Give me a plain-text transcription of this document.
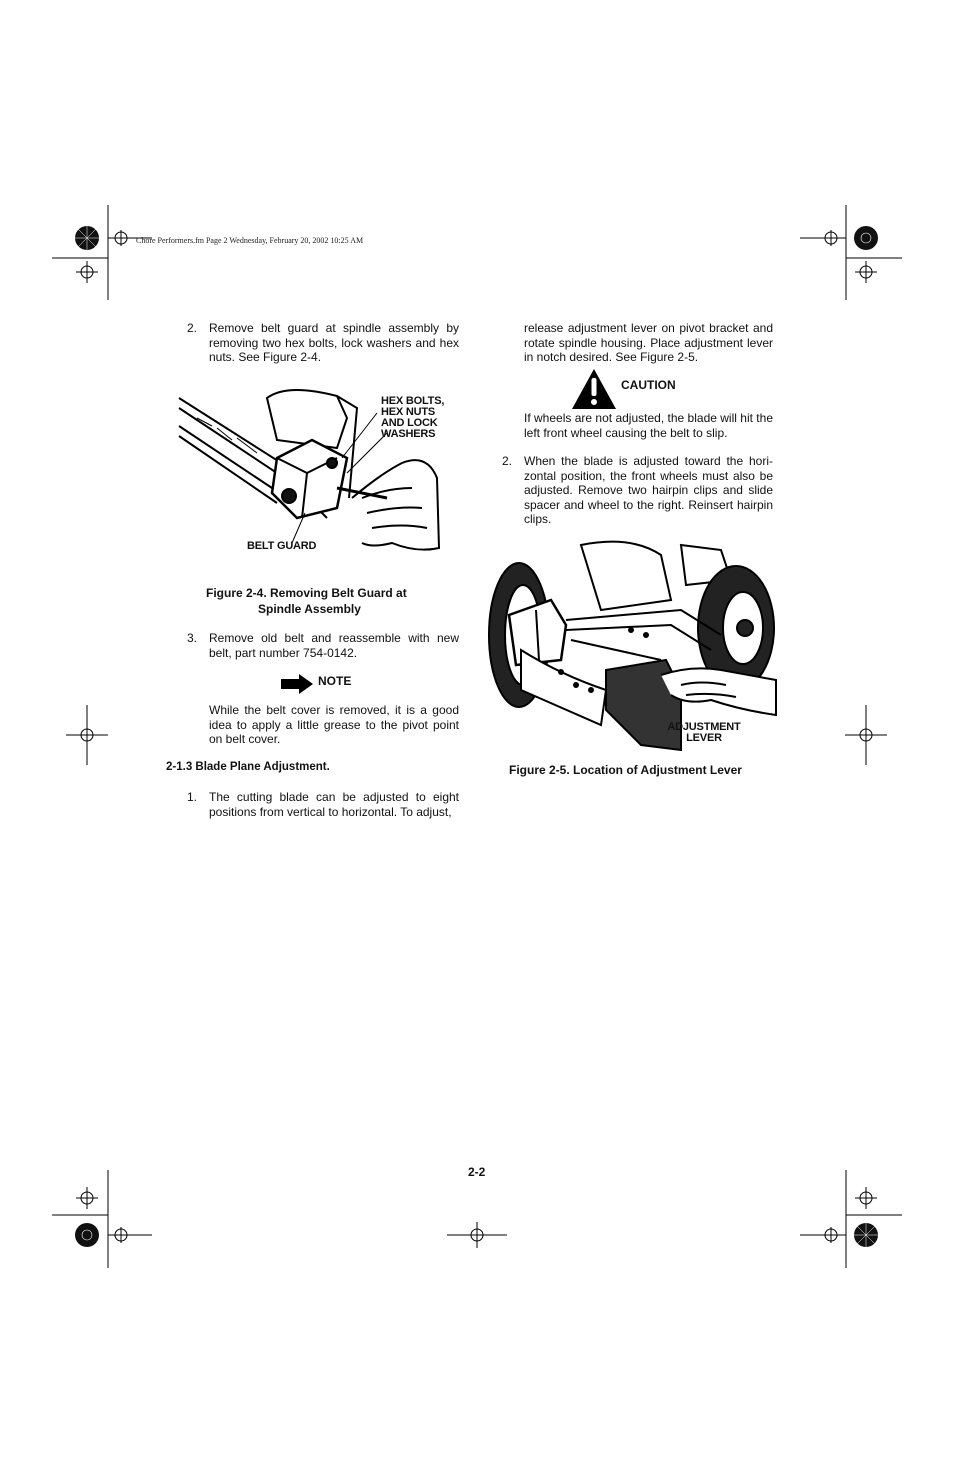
Chore Performers.fm Page 2 Wednesday, February 20, 2002 10:25 AM
2. Remove belt guard at spindle assembly by removing two hex bolts, lock washers and hex nuts. See Figure 2-4.
HEX BOLTS,
HEX NUTS
AND LOCK
WASHERS
BELT GUARD
Figure 2-4. Removing Belt Guard at
Spindle Assembly
3. Remove old belt and reassemble with new belt, part number 754-0142.
NOTE
While the belt cover is removed, it is a good idea to apply a little grease to the pivot point on belt cover.
2-1.3 Blade Plane Adjustment.
1. The cutting blade can be adjusted to eight positions from vertical to horizontal. To adjust,
release adjustment lever on pivot bracket and rotate spindle housing. Place adjustment lever in notch desired. See Figure 2-5.
CAUTION
If wheels are not adjusted, the blade will hit the left front wheel causing the belt to slip.
2. When the blade is adjusted toward the hori-zontal position, the front wheels must also be adjusted. Remove two hairpin clips and slide spacer and wheel to the right. Reinsert hairpin clips.
ADJUSTMENT
LEVER
Figure 2-5. Location of Adjustment Lever
2-2
